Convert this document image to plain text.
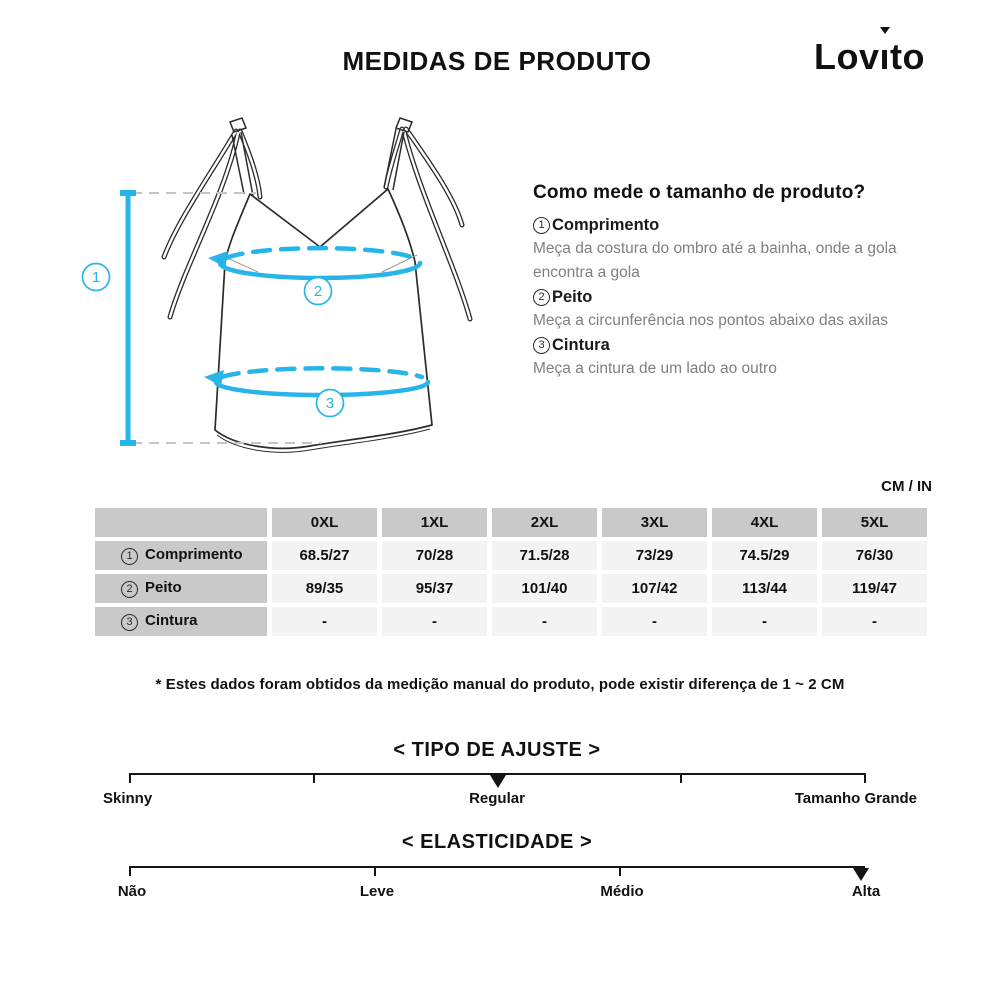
MEDIDAS DE PRODUTO	Lovı
to
1
2
3
Como mede o tamanho de produto?
1 Comprimento
Meça da costura do ombro até a bainha, onde a gola encontra a gola
2 Peito
Meça a circunferência nos pontos abaixo das axilas
3 Cintura
Meça a cintura de um lado ao outro
CM / IN
	0XL	1XL	2XL	3XL	4XL	5XL
1 Comprimento	68.5/27	70/28	71.5/28	73/29	74.5/29	76/30
2 Peito	89/35	95/37	101/40	107/42	113/44	119/47
3 Cintura	-	-	-	-	-	-
* Estes dados foram obtidos da medição manual do produto, pode existir diferença de 1 ~ 2 CM
< TIPO DE AJUSTE >
Skinny	Regular	Tamanho Grande
< ELASTICIDADE >
Não	Leve	Médio	Alta
